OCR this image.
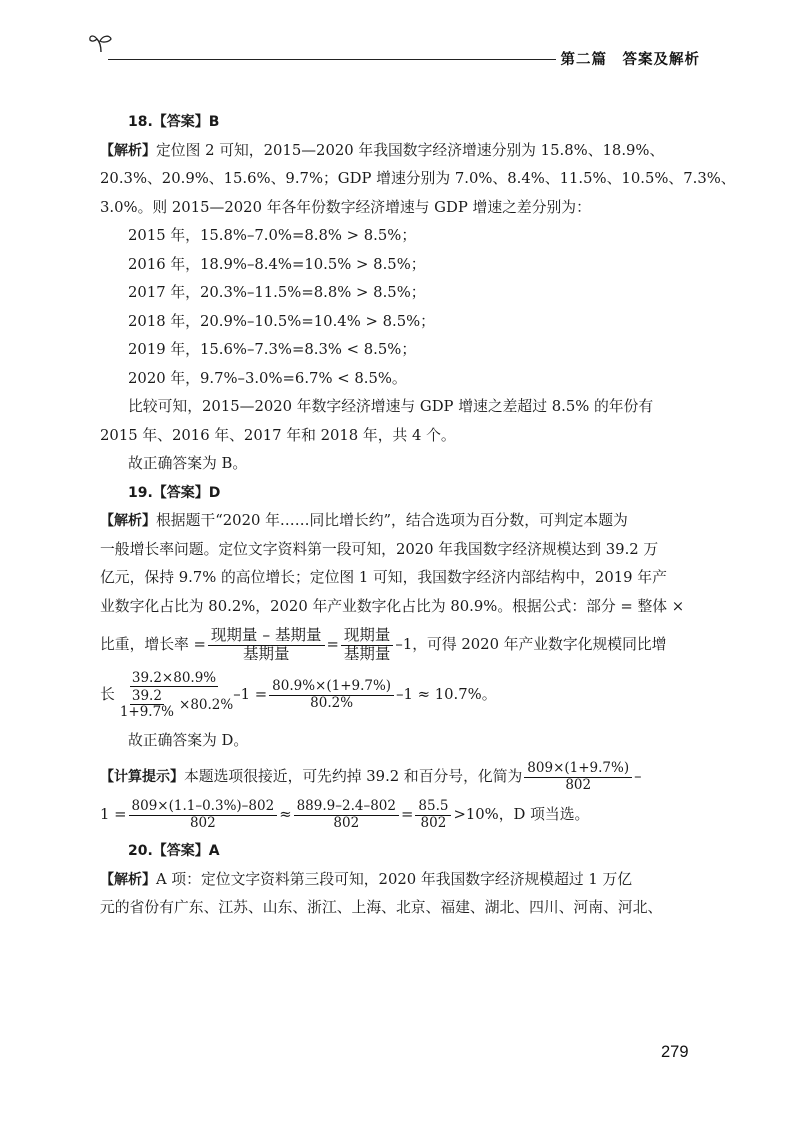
第二篇　答案及解析

18.【答案】B

【解析】定位图 2 可知，2015—2020 年我国数字经济增速分别为 15.8%、18.9%、

20.3%、20.9%、15.6%、9.7%；GDP 增速分别为 7.0%、8.4%、11.5%、10.5%、7.3%、

3.0%。则 2015—2020 年各年份数字经济增速与 GDP 增速之差分别为：

2015 年，15.8%–7.0%=8.8% > 8.5%；

2016 年，18.9%–8.4%=10.5% > 8.5%；

2017 年，20.3%–11.5%=8.8% > 8.5%；

2018 年，20.9%–10.5%=10.4% > 8.5%；

2019 年，15.6%–7.3%=8.3% < 8.5%；

2020 年，9.7%–3.0%=6.7% < 8.5%。

比较可知，2015—2020 年数字经济增速与 GDP 增速之差超过 8.5% 的年份有

2015 年、2016 年、2017 年和 2018 年，共 4 个。

故正确答案为 B。

19.【答案】D

【解析】根据题干“2020 年……同比增长约”，结合选项为百分数，可判定本题为

一般增长率问题。定位文字资料第一段可知，2020 年我国数字经济规模达到 39.2 万

亿元，保持 9.7% 的高位增长；定位图 1 可知，我国数字经济内部结构中，2019 年产

业数字化占比为 80.2%，2020 年产业数字化占比为 80.9%。根据公式：部分 = 整体 ×

比重，增长率 = $\frac{\text{现期量 – 基期量}}{\text{基期量}} = \frac{\text{现期量}}{\text{基期量}} -1$ ，可得 2020 年产业数字化规模同比增
长 $\frac{39.2\times 80.9\%}{\frac{39.2}{1+9.7\%} \times 80.2\%} -1 = \frac{80.9\%\times(1+9.7\%)}{80.2\%} -1 \approx 10.7\%$。

故正确答案为 D。

【计算提示】 本题选项很接近，可先约掉 39.2 和百分号，化简为 $\frac{809\times(1+9.7\%)}{802}$ –
$1 = \frac{809\times(1.1-0.3\%)-802}{802} \approx \frac{889.9-2.4-802}{802} = \frac{85.5}{802} >10\%$，D 项当选。

20.【答案】A

【解析】A 项：定位文字资料第三段可知，2020 年我国数字经济规模超过 1 万亿

元的省份有广东、江苏、山东、浙江、上海、北京、福建、湖北、四川、河南、河北、

279
